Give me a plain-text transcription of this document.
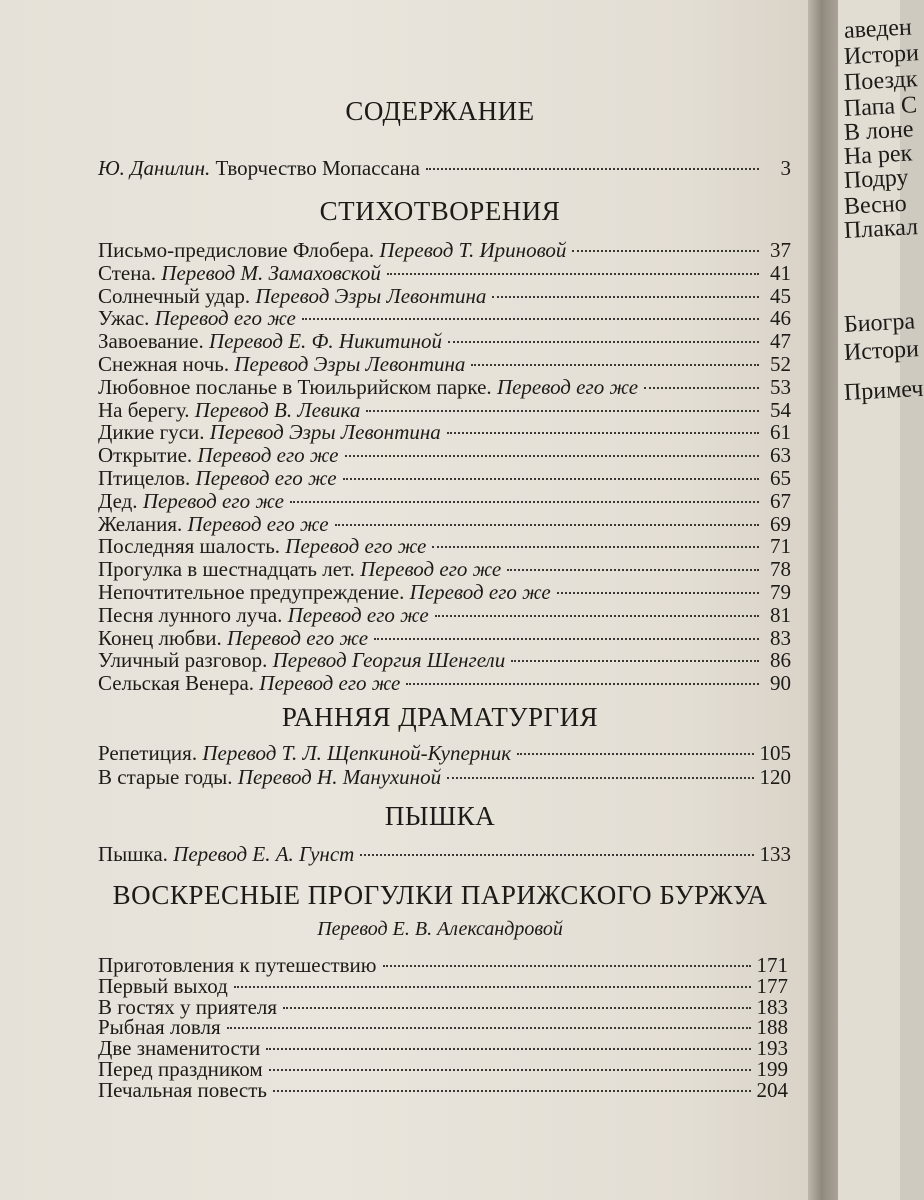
СОДЕРЖАНИЕ
Ю. Данилин. Творчество Мопассана	3
СТИХОТВОРЕНИЯ
Письмо-предисловие Флобера. Перевод Т. Ириновой	37
Стена. Перевод М. Замаховской	41
Солнечный удар. Перевод Эзры Левонтина	45
Ужас. Перевод его же	46
Завоевание. Перевод Е. Ф. Никитиной	47
Снежная ночь. Перевод Эзры Левонтина	52
Любовное посланье в Тюильрийском парке. Перевод его же	53
На берегу. Перевод В. Левика	54
Дикие гуси. Перевод Эзры Левонтина	61
Открытие. Перевод его же	63
Птицелов. Перевод его же	65
Дед. Перевод его же	67
Желания. Перевод его же	69
Последняя шалость. Перевод его же	71
Прогулка в шестнадцать лет. Перевод его же	78
Непочтительное предупреждение. Перевод его же	79
Песня лунного луча. Перевод его же	81
Конец любви. Перевод его же	83
Уличный разговор. Перевод Георгия Шенгели	86
Сельская Венера. Перевод его же	90
РАННЯЯ ДРАМАТУРГИЯ
Репетиция. Перевод Т. Л. Щепкиной-Куперник	105
В старые годы. Перевод Н. Манухиной	120
ПЫШКА
Пышка. Перевод Е. А. Гунст	133
ВОСКРЕСНЫЕ ПРОГУЛКИ ПАРИЖСКОГО БУРЖУА
Перевод Е. В. Александровой
Приготовления к путешествию	171
Первый выход	177
В гостях у приятеля	183
Рыбная ловля	188
Две знаменитости	193
Перед праздником	199
Печальная повесть	204
аведен
Истори
Поездк
Папа С
В лоне
На рек
Подру
Весно
Плакал
Биогра
Истори
Примеч
